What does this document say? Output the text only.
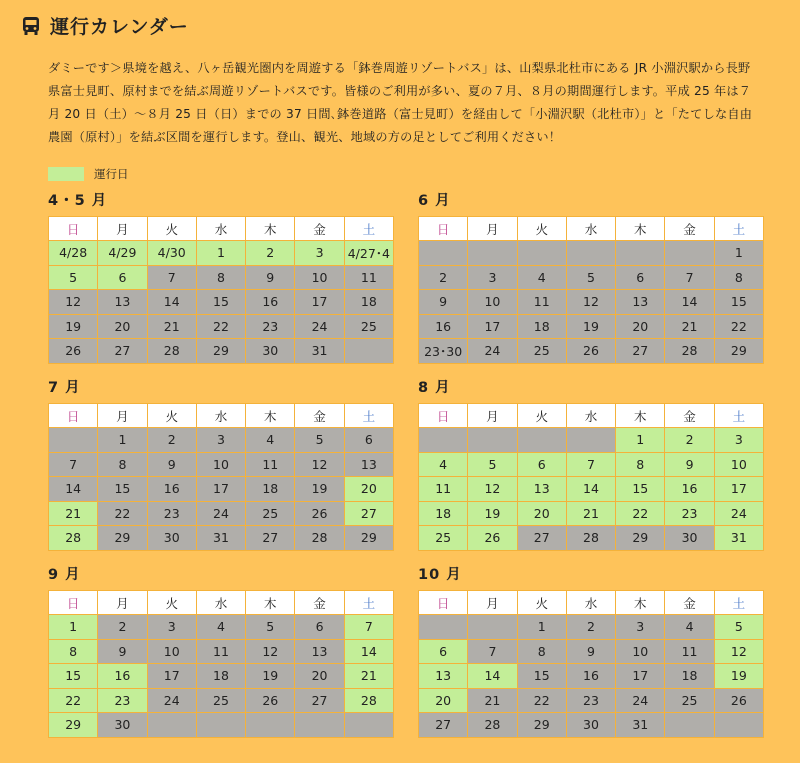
運行カレンダー
ダミーです＞県境を越え、八ヶ岳観光圏内を周遊する「鉢巻周遊リゾートバス」は、山梨県北杜市にある JR 小淵沢駅から長野県富士見町、原村までを結ぶ周遊リゾートバスです。皆様のご利用が多い、夏の７月、８月の期間運行します。平成 25 年は７月 20 日（土）～８月 25 日（日）までの 37 日間､鉢巻道路（富士見町）を経由して「小淵沢駅（北杜市）」と「たてしな自由農園（原村）」を結ぶ区間を運行します。登山、観光、地域の方の足としてご利用ください！
運行日
4・5 月
日	月	火	水	木	金	土
4/28	4/29	4/30	1	2	3	4/27･4
5	6	7	8	9	10	11
12	13	14	15	16	17	18
19	20	21	22	23	24	25
26	27	28	29	30	31	
6 月
日	月	火	水	木	金	土
						1
2	3	4	5	6	7	8
9	10	11	12	13	14	15
16	17	18	19	20	21	22
23･30	24	25	26	27	28	29
7 月
日	月	火	水	木	金	土
	1	2	3	4	5	6
7	8	9	10	11	12	13
14	15	16	17	18	19	20
21	22	23	24	25	26	27
28	29	30	31	27	28	29
8 月
日	月	火	水	木	金	土
				1	2	3
4	5	6	7	8	9	10
11	12	13	14	15	16	17
18	19	20	21	22	23	24
25	26	27	28	29	30	31
9 月
日	月	火	水	木	金	土
1	2	3	4	5	6	7
8	9	10	11	12	13	14
15	16	17	18	19	20	21
22	23	24	25	26	27	28
29	30					
10 月
日	月	火	水	木	金	土
		1	2	3	4	5
6	7	8	9	10	11	12
13	14	15	16	17	18	19
20	21	22	23	24	25	26
27	28	29	30	31		
